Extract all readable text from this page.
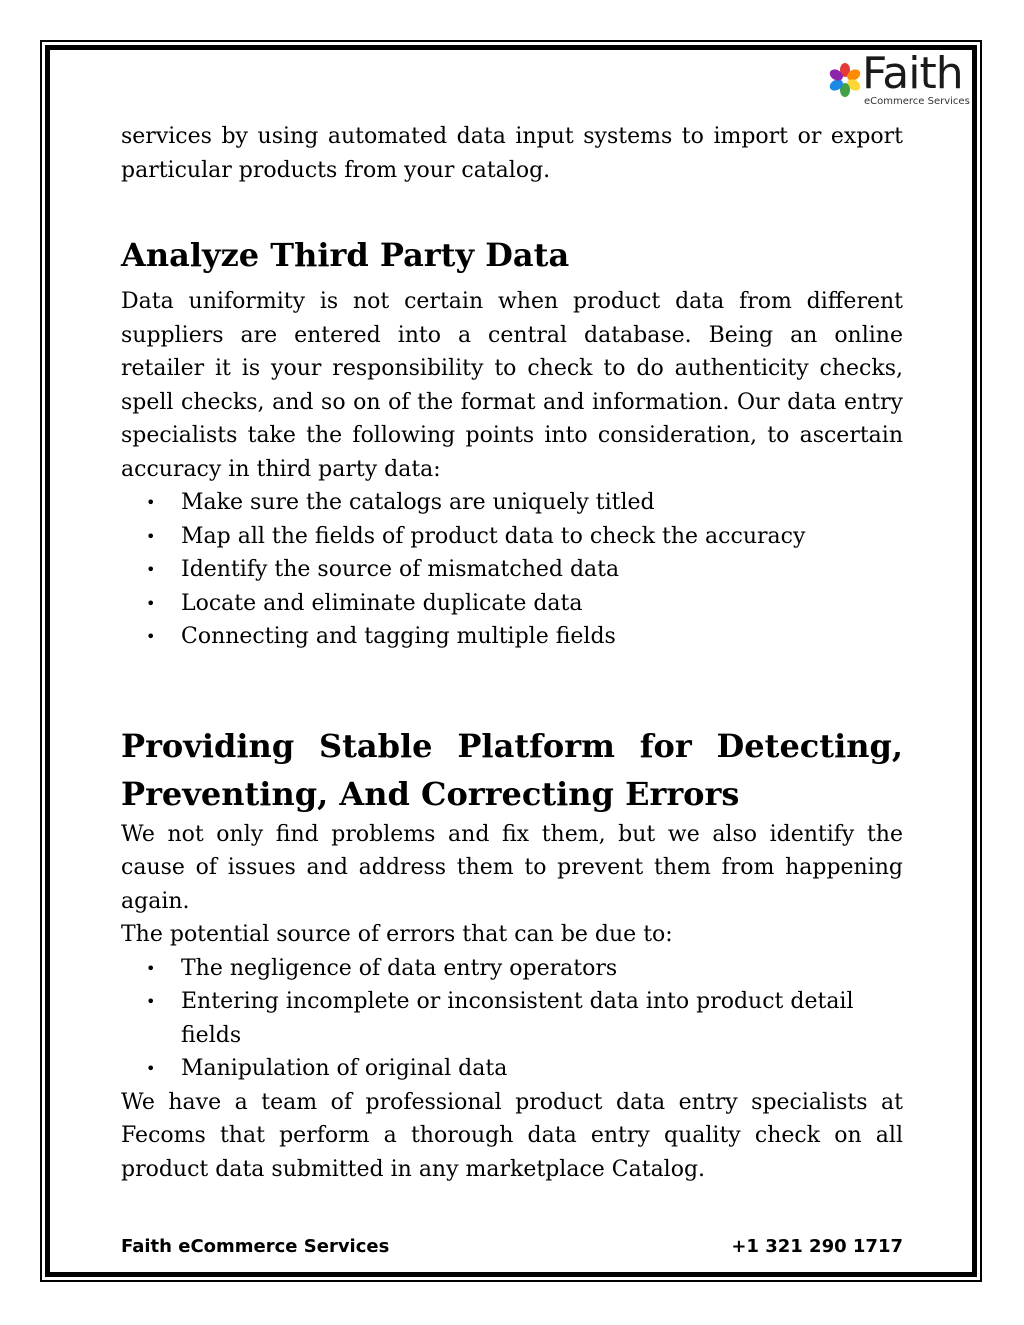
Faith
eCommerce Services

services by using automated data input systems to import or export particular products from your catalog.

Analyze Third Party Data

Data uniformity is not certain when product data from different suppliers are entered into a central database. Being an online retailer it is your responsibility to check to do authenticity checks, spell checks, and so on of the format and information. Our data entry specialists take the following points into consideration, to ascertain accuracy in third party data:

• Make sure the catalogs are uniquely titled
• Map all the fields of product data to check the accuracy
• Identify the source of mismatched data
• Locate and eliminate duplicate data
• Connecting and tagging multiple fields
Providing Stable Platform for Detecting, Preventing, And Correcting Errors

We not only find problems and fix them, but we also identify the cause of issues and address them to prevent them from happening again.

The potential source of errors that can be due to:

• The negligence of data entry operators
• Entering incomplete or inconsistent data into product detail fields
• Manipulation of original data

We have a team of professional product data entry specialists at Fecoms that perform a thorough data entry quality check on all product data submitted in any marketplace Catalog.

Faith eCommerce Services	+1 321 290 1717
